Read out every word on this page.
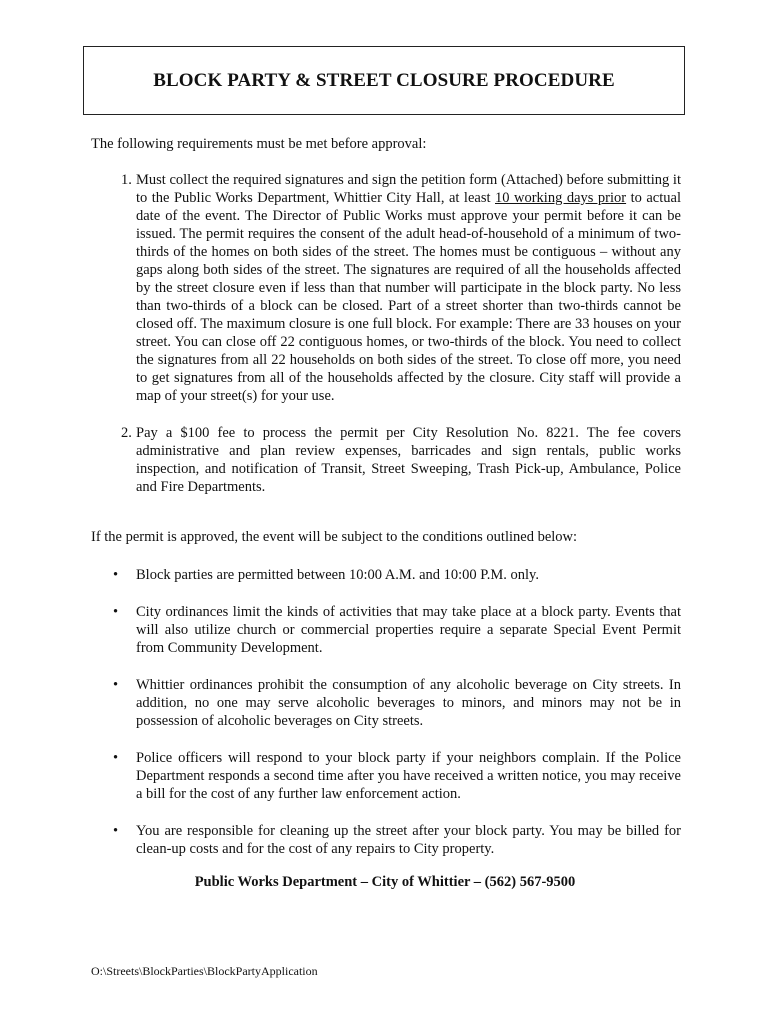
BLOCK PARTY & STREET CLOSURE PROCEDURE
The following requirements must be met before approval:
1. Must collect the required signatures and sign the petition form (Attached) before submitting it to the Public Works Department, Whittier City Hall, at least 10 working days prior to actual date of the event. The Director of Public Works must approve your permit before it can be issued. The permit requires the consent of the adult head-of-household of a minimum of two-thirds of the homes on both sides of the street. The homes must be contiguous – without any gaps along both sides of the street. The signatures are required of all the households affected by the street closure even if less than that number will participate in the block party. No less than two-thirds of a block can be closed. Part of a street shorter than two-thirds cannot be closed off. The maximum closure is one full block. For example: There are 33 houses on your street. You can close off 22 contiguous homes, or two-thirds of the block. You need to collect the signatures from all 22 households on both sides of the street. To close off more, you need to get signatures from all of the households affected by the closure. City staff will provide a map of your street(s) for your use.
2. Pay a $100 fee to process the permit per City Resolution No. 8221. The fee covers administrative and plan review expenses, barricades and sign rentals, public works inspection, and notification of Transit, Street Sweeping, Trash Pick-up, Ambulance, Police and Fire Departments.
If the permit is approved, the event will be subject to the conditions outlined below:
•	Block parties are permitted between 10:00 A.M. and 10:00 P.M. only.
•	City ordinances limit the kinds of activities that may take place at a block party. Events that will also utilize church or commercial properties require a separate Special Event Permit from Community Development.
•	Whittier ordinances prohibit the consumption of any alcoholic beverage on City streets. In addition, no one may serve alcoholic beverages to minors, and minors may not be in possession of alcoholic beverages on City streets.
•	Police officers will respond to your block party if your neighbors complain. If the Police Department responds a second time after you have received a written notice, you may receive a bill for the cost of any further law enforcement action.
•	You are responsible for cleaning up the street after your block party. You may be billed for clean-up costs and for the cost of any repairs to City property.
Public Works Department – City of Whittier – (562) 567-9500
O:\Streets\BlockParties\BlockPartyApplication
